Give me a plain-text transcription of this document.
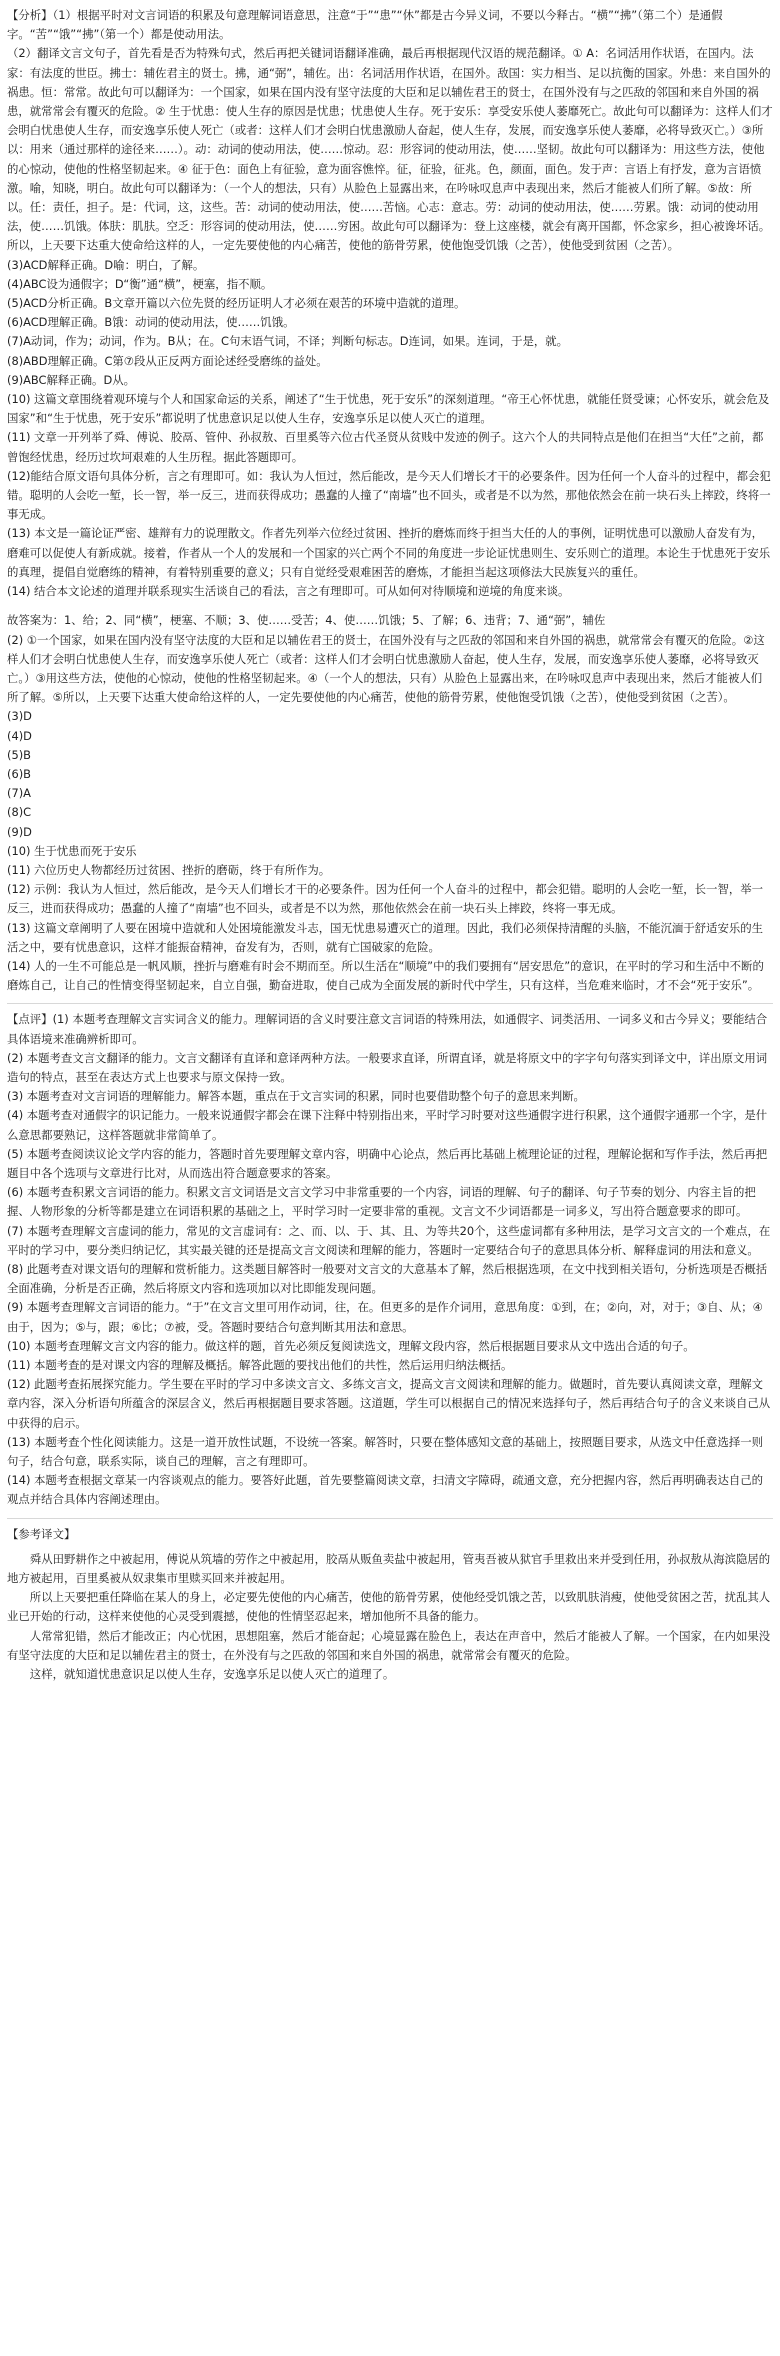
【分析】（1）根据平时对文言词语的积累及句意理解词语意思，注意“于”“患”“休”都是古今异义词，不要以今释古。“横”“拂”（第二个）是通假字。“苦”“饿”“拂”（第一个）都是使动用法。

（2）翻译文言文句子，首先看是否为特殊句式，然后再把关键词语翻译准确，最后再根据现代汉语的规范翻译。① A：名词活用作状语，在国内。法家：有法度的世臣。拂士：辅佐君主的贤士。拂，通“弼”，辅佐。出：名词活用作状语，在国外。敌国：实力相当、足以抗衡的国家。外患：来自国外的祸患。恒：常常。故此句可以翻译为：一个国家，如果在国内没有坚守法度的大臣和足以辅佐君王的贤士，在国外没有与之匹敌的邻国和来自外国的祸患，就常常会有覆灭的危险。② 生于忧患：使人生存的原因是忧患；忧患使人生存。死于安乐：享受安乐使人萎靡死亡。故此句可以翻译为：这样人们才会明白忧患使人生存，而安逸享乐使人死亡（或者：这样人们才会明白忧患激励人奋起，使人生存，发展，而安逸享乐使人萎靡，必将导致灭亡。）③所以：用来（通过那样的途径来……）。动：动词的使动用法，使……惊动。忍：形容词的使动用法，使……坚韧。故此句可以翻译为：用这些方法，使他的心惊动，使他的性格坚韧起来。④ 征于色：面色上有征验，意为面容憔悴。征，征验，征兆。色，颜面，面色。发于声：言语上有抒发，意为言语愤激。喻，知晓，明白。故此句可以翻译为：（一个人的想法，只有）从脸色上显露出来，在吟咏叹息声中表现出来，然后才能被人们所了解。⑤故：所以。任：责任，担子。是：代词，这，这些。苦：动词的使动用法，使……苦恼。心志：意志。劳：动词的使动用法，使……劳累。饿：动词的使动用法，使……饥饿。体肤：肌肤。空乏：形容词的使动用法，使……穷困。故此句可以翻译为：登上这座楼，就会有离开国都，怀念家乡，担心被谗坏话。所以，上天要下达重大使命给这样的人，一定先要使他的内心痛苦，使他的筋骨劳累，使他饱受饥饿（之苦），使他受到贫困（之苦）。

(3)ACD解释正确。D喻：明白，了解。

(4)ABC设为通假字；D“衡”通“横”，梗塞，指不顺。

(5)ACD分析正确。B文章开篇以六位先贤的经历证明人才必须在艰苦的环境中造就的道理。

(6)ACD理解正确。B饿：动词的使动用法，使……饥饿。

(7)A动词，作为；动词，作为。B从；在。C句末语气词，不译；判断句标志。D连词，如果。连词，于是，就。

(8)ABD理解正确。C第⑦段从正反两方面论述经受磨练的益处。

(9)ABC解释正确。D从。

(10) 这篇文章围绕着观环境与个人和国家命运的关系，阐述了“生于忧患，死于安乐”的深刻道理。“帝王心怀忧患，就能任贤受谏；心怀安乐，就会危及国家”和“生于忧患，死于安乐”都说明了忧患意识足以使人生存，安逸享乐足以使人灭亡的道理。

(11) 文章一开列举了舜、傅说、胶鬲、管仲、孙叔敖、百里奚等六位古代圣贤从贫贱中发迹的例子。这六个人的共同特点是他们在担当“大任”之前，都曾饱经忧患，经历过坎坷艰难的人生历程。据此答题即可。

(12)能结合原文语句具体分析，言之有理即可。如：我认为人恒过，然后能改，是今天人们增长才干的必要条件。因为任何一个人奋斗的过程中，都会犯错。聪明的人会吃一堑，长一智，举一反三，进而获得成功；愚蠢的人撞了“南墙”也不回头，或者是不以为然，那他依然会在前一块石头上摔跤，终将一事无成。

(13) 本文是一篇论证严密、雄辩有力的说理散文。作者先列举六位经过贫困、挫折的磨炼而终于担当大任的人的事例，证明忧患可以激励人奋发有为，磨难可以促使人有新成就。接着，作者从一个人的发展和一个国家的兴亡两个不同的角度进一步论证忧患则生、安乐则亡的道理。本论生于忧患死于安乐的真理，提倡自觉磨练的精神，有着特别重要的意义；只有自觉经受艰难困苦的磨炼，才能担当起这项修法大民族复兴的重任。

(14) 结合本文论述的道理并联系现实生活谈自己的看法，言之有理即可。可从如何对待顺境和逆境的角度来谈。

故答案为：1、给；2、同“横”，梗塞、不顺；3、使……受苦；4、使……饥饿；5、了解；6、违背；7、通“弼”，辅佐

(2) ①一个国家，如果在国内没有坚守法度的大臣和足以辅佐君王的贤士，在国外没有与之匹敌的邻国和来自外国的祸患，就常常会有覆灭的危险。②这样人们才会明白忧患使人生存，而安逸享乐使人死亡（或者：这样人们才会明白忧患激励人奋起，使人生存，发展，而安逸享乐使人萎靡，必将导致灭亡。）③用这些方法，使他的心惊动，使他的性格坚韧起来。④（一个人的想法，只有）从脸色上显露出来，在吟咏叹息声中表现出来，然后才能被人们所了解。⑤所以，上天要下达重大使命给这样的人，一定先要使他的内心痛苦，使他的筋骨劳累，使他饱受饥饿（之苦），使他受到贫困（之苦）。

(3)D

(4)D

(5)B

(6)B

(7)A

(8)C

(9)D

(10) 生于忧患而死于安乐

(11) 六位历史人物都经历过贫困、挫折的磨砺，终于有所作为。

(12) 示例：我认为人恒过，然后能改，是今天人们增长才干的必要条件。因为任何一个人奋斗的过程中，都会犯错。聪明的人会吃一堑，长一智，举一反三，进而获得成功；愚蠢的人撞了“南墙”也不回头，或者是不以为然，那他依然会在前一块石头上摔跤，终将一事无成。

(13) 这篇文章阐明了人要在困境中造就和人处困境能激发斗志，国无忧患易遭灭亡的道理。因此，我们必须保持清醒的头脑，不能沉湎于舒适安乐的生活之中，要有忧患意识，这样才能振奋精神，奋发有为，否则，就有亡国破家的危险。

(14) 人的一生不可能总是一帆风顺，挫折与磨难有时会不期而至。所以生活在“顺境”中的我们要拥有“居安思危”的意识，在平时的学习和生活中不断的磨炼自己，让自己的性情变得坚韧起来，自立自强，勤奋进取，使自己成为全面发展的新时代中学生，只有这样，当危难来临时，才不会“死于安乐”。

【点评】(1) 本题考查理解文言实词含义的能力。理解词语的含义时要注意文言词语的特殊用法，如通假字、词类活用、一词多义和古今异义；要能结合具体语境来准确辨析即可。

(2) 本题考查文言文翻译的能力。文言文翻译有直译和意译两种方法。一般要求直译，所谓直译，就是将原文中的字字句句落实到译文中，详出原文用词造句的特点，甚至在表达方式上也要求与原文保持一致。

(3) 本题考查对文言词语的理解能力。解答本题，重点在于文言实词的积累，同时也要借助整个句子的意思来判断。

(4) 本题考查对通假字的识记能力。一般来说通假字都会在课下注释中特别指出来，平时学习时要对这些通假字进行积累，这个通假字通那一个字，是什么意思都要熟记，这样答题就非常简单了。

(5) 本题考查阅读议论文学内容的能力，答题时首先要理解文章内容，明确中心论点，然后再比基础上梳理论证的过程，理解论据和写作手法，然后再把题目中各个选项与文章进行比对，从而选出符合题意要求的答案。

(6) 本题考查积累文言词语的能力。积累文言文词语是文言文学习中非常重要的一个内容，词语的理解、句子的翻译、句子节奏的划分、内容主旨的把握、人物形象的分析等都是建立在词语积累的基础之上，平时学习时一定要非常的重视。文言文不少词语都是一词多义，写出符合题意要求的即可。

(7) 本题考查理解文言虚词的能力，常见的文言虚词有：之、而、以、于、其、且、为等共20个，这些虚词都有多种用法，是学习文言文的一个难点，在平时的学习中，要分类归纳记忆，其实最关键的还是提高文言文阅读和理解的能力，答题时一定要结合句子的意思具体分析、解释虚词的用法和意义。

(8) 此题考查对课文语句的理解和赏析能力。这类题目解答时一般要对文言文的大意基本了解，然后根据选项，在文中找到相关语句，分析选项是否概括全面准确，分析是否正确，然后将原文内容和选项加以对比即能发现问题。

(9) 本题考查理解文言词语的能力。“于”在文言文里可用作动词，往，在。但更多的是作介词用，意思角度：①到，在；②向，对，对于；③自、从；④由于，因为；⑤与，跟；⑥比；⑦被，受。答题时要结合句意判断其用法和意思。

(10) 本题考查理解文言文内容的能力。做这样的题，首先必须反复阅读选文，理解文段内容，然后根据题目要求从文中选出合适的句子。

(11) 本题考查的是对课文内容的理解及概括。解答此题的要找出他们的共性，然后运用归纳法概括。

(12) 此题考查拓展探究能力。学生要在平时的学习中多读文言文、多练文言文，提高文言文阅读和理解的能力。做题时，首先要认真阅读文章，理解文章内容，深入分析语句所蕴含的深层含义，然后再根据题目要求答题。这道题，学生可以根据自己的情况来选择句子，然后再结合句子的含义来谈自己从中获得的启示。

(13) 本题考查个性化阅读能力。这是一道开放性试题，不设统一答案。解答时，只要在整体感知文意的基础上，按照题目要求，从选文中任意选择一则句子，结合句意，联系实际，谈自己的理解，言之有理即可。

(14) 本题考查根据文章某一内容谈观点的能力。要答好此题，首先要整篇阅读文章，扫清文字障碍，疏通文意，充分把握内容，然后再明确表达自己的观点并结合具体内容阐述理由。

【参考译文】

舜从田野耕作之中被起用，傅说从筑墙的劳作之中被起用，胶鬲从贩鱼卖盐中被起用，管夷吾被从狱官手里救出来并受到任用，孙叔敖从海滨隐居的地方被起用，百里奚被从奴隶集市里赎买回来并被起用。

所以上天要把重任降临在某人的身上，必定要先使他的内心痛苦，使他的筋骨劳累，使他经受饥饿之苦，以致肌肤消瘦，使他受贫困之苦，扰乱其人业已开始的行动，这样来使他的心灵受到震撼，使他的性情坚忍起来，增加他所不具备的能力。

人常常犯错，然后才能改正；内心忧困，思想阻塞，然后才能奋起；心境显露在脸色上，表达在声音中，然后才能被人了解。一个国家，在内如果没有坚守法度的大臣和足以辅佐君主的贤士，在外没有与之匹敌的邻国和来自外国的祸患，就常常会有覆灭的危险。

这样，就知道忧患意识足以使人生存，安逸享乐足以使人灭亡的道理了。
